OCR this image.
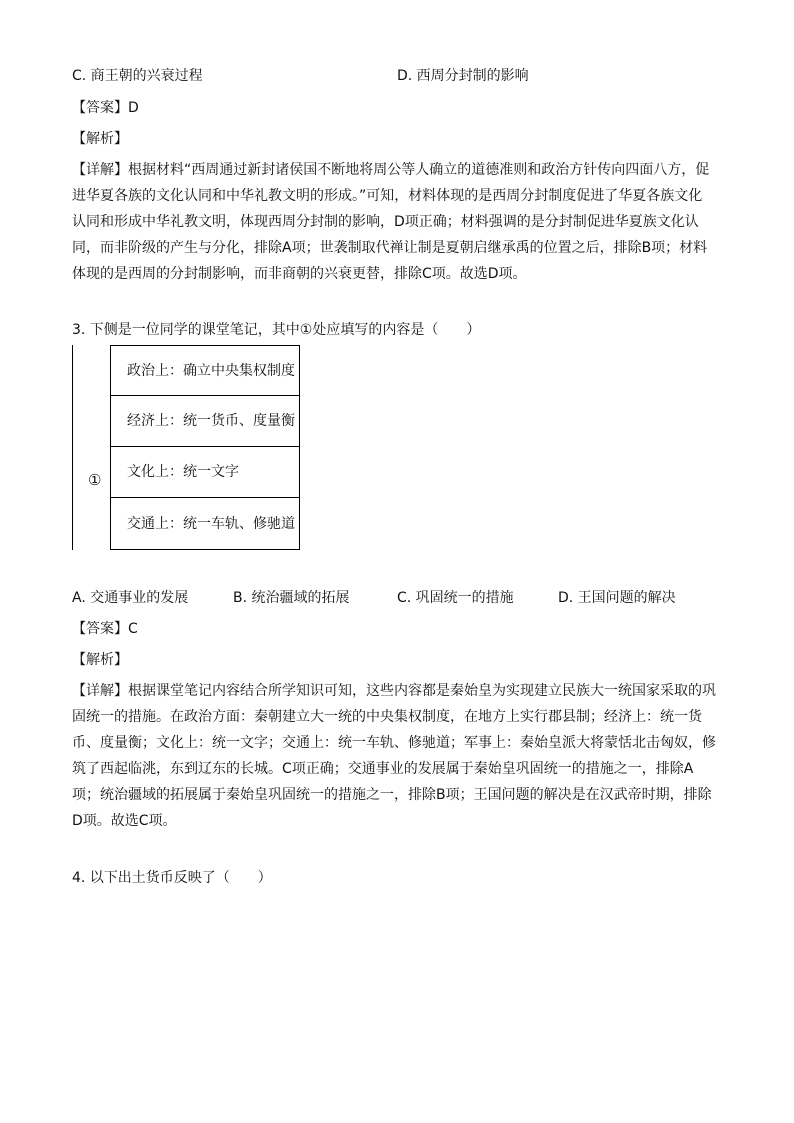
C. 商王朝的兴衰过程	D. 西周分封制的影响
【答案】D
【解析】
【详解】根据材料“西周通过新封诸侯国不断地将周公等人确立的道德准则和政治方针传向四面八方，促
进华夏各族的文化认同和中华礼教文明的形成。”可知，材料体现的是西周分封制度促进了华夏各族文化
认同和形成中华礼教文明，体现西周分封制的影响，D项正确；材料强调的是分封制促进华夏族文化认
同，而非阶级的产生与分化，排除A项；世袭制取代禅让制是夏朝启继承禹的位置之后，排除B项；材料
体现的是西周的分封制影响，而非商朝的兴衰更替，排除C项。故选D项。
3. 下侧是一位同学的课堂笔记，其中①处应填写的内容是（　　）
①
政治上：确立中央集权制度
经济上：统一货币、度量衡
文化上：统一文字
交通上：统一车轨、修驰道
A. 交通事业的发展	B. 统治疆域的拓展	C. 巩固统一的措施	D. 王国问题的解决
【答案】C
【解析】
【详解】根据课堂笔记内容结合所学知识可知，这些内容都是秦始皇为实现建立民族大一统国家采取的巩
固统一的措施。在政治方面：秦朝建立大一统的中央集权制度，在地方上实行郡县制；经济上：统一货
币、度量衡；文化上：统一文字；交通上：统一车轨、修驰道；军事上：秦始皇派大将蒙恬北击匈奴，修
筑了西起临洮，东到辽东的长城。C项正确；交通事业的发展属于秦始皇巩固统一的措施之一，排除A
项；统治疆域的拓展属于秦始皇巩固统一的措施之一，排除B项；王国问题的解决是在汉武帝时期，排除
D项。故选C项。
4. 以下出土货币反映了（　　）
